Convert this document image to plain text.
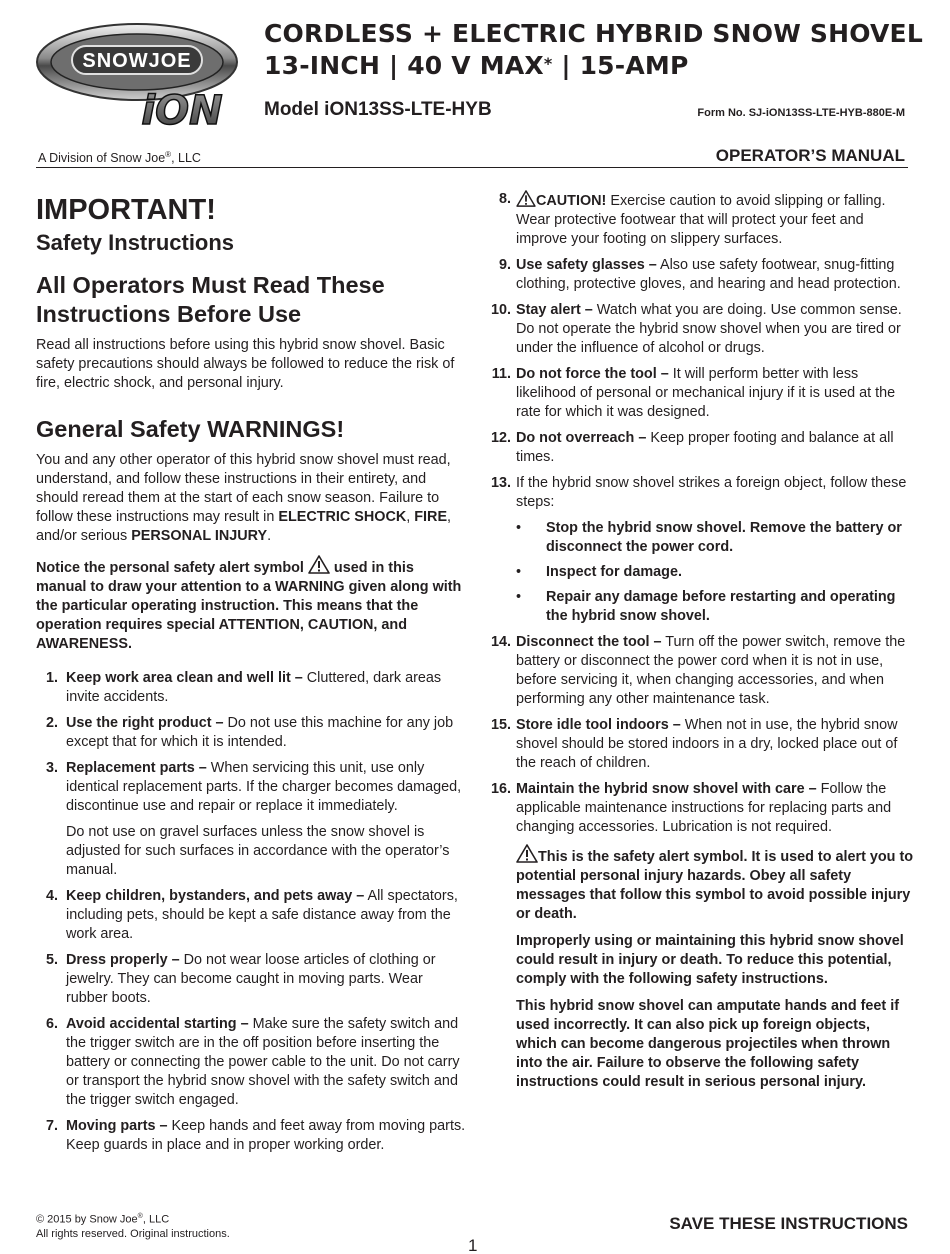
SNOWJOE
iON
CORDLESS + ELECTRIC HYBRID SNOW SHOVEL
13-INCH | 40 V MAX* | 15-AMP
Model iON13SS-LTE-HYB	Form No. SJ-iON13SS-LTE-HYB-880E-M
A Division of Snow Joe®, LLC	OPERATOR’S MANUAL
IMPORTANT!
Safety Instructions
All Operators Must Read These Instructions Before Use

Read all instructions before using this hybrid snow shovel. Basic safety precautions should always be followed to reduce the risk of fire, electric shock, and personal injury.

General Safety WARNINGS!

You and any other operator of this hybrid snow shovel must read, understand, and follow these instructions in their entirety, and should reread them at the start of each snow season. Failure to follow these instructions may result in ELECTRIC SHOCK, FIRE, and/or serious PERSONAL INJURY.

Notice the personal safety alert symbol  used in this manual to draw your attention to a WARNING given along with the particular operating instruction. This means that the operation requires special ATTENTION, CAUTION, and AWARENESS.

1. Keep work area clean and well lit – Cluttered, dark areas invite accidents.
2. Use the right product – Do not use this machine for any job except that for which it is intended.
3. Replacement parts – When servicing this unit, use only identical replacement parts. If the charger becomes damaged, discontinue use and repair or replace it immediately.
Do not use on gravel surfaces unless the snow shovel is adjusted for such surfaces in accordance with the operator’s manual.
4. Keep children, bystanders, and pets away – All spectators, including pets, should be kept a safe distance away from the work area.
5. Dress properly – Do not wear loose articles of clothing or jewelry. They can become caught in moving parts. Wear rubber boots.
6. Avoid accidental starting – Make sure the safety switch and the trigger switch are in the off position before inserting the battery or connecting the power cable to the unit. Do not carry or transport the hybrid snow shovel with the safety switch and the trigger switch engaged.
7. Moving parts – Keep hands and feet away from moving parts. Keep guards in place and in proper working order.
8. CAUTION! Exercise caution to avoid slipping or falling. Wear protective footwear that will protect your feet and improve your footing on slippery surfaces.
9. Use safety glasses – Also use safety footwear, snug-fitting clothing, protective gloves, and hearing and head protection.
10. Stay alert – Watch what you are doing. Use common sense. Do not operate the hybrid snow shovel when you are tired or under the influence of alcohol or drugs.
11. Do not force the tool – It will perform better with less likelihood of personal or mechanical injury if it is used at the rate for which it was designed.
12. Do not overreach – Keep proper footing and balance at all times.
13. If the hybrid snow shovel strikes a foreign object, follow these steps:
• Stop the hybrid snow shovel. Remove the battery or disconnect the power cord.
• Inspect for damage.
• Repair any damage before restarting and operating the hybrid snow shovel.
14. Disconnect the tool – Turn off the power switch, remove the battery or disconnect the power cord when it is not in use, before servicing it, when changing accessories, and when performing any other maintenance task.
15. Store idle tool indoors – When not in use, the hybrid snow shovel should be stored indoors in a dry, locked place out of the reach of children.
16. Maintain the hybrid snow shovel with care – Follow the applicable maintenance instructions for replacing parts and changing accessories. Lubrication is not required.

This is the safety alert symbol. It is used to alert you to potential personal injury hazards. Obey all safety messages that follow this symbol to avoid possible injury or death.

Improperly using or maintaining this hybrid snow shovel could result in injury or death. To reduce this potential, comply with the following safety instructions.

This hybrid snow shovel can amputate hands and feet if used incorrectly. It can also pick up foreign objects, which can become dangerous projectiles when thrown into the air. Failure to observe the following safety instructions could result in serious personal injury.

© 2015 by Snow Joe®, LLC
All rights reserved. Original instructions.
SAVE THESE INSTRUCTIONS
1
